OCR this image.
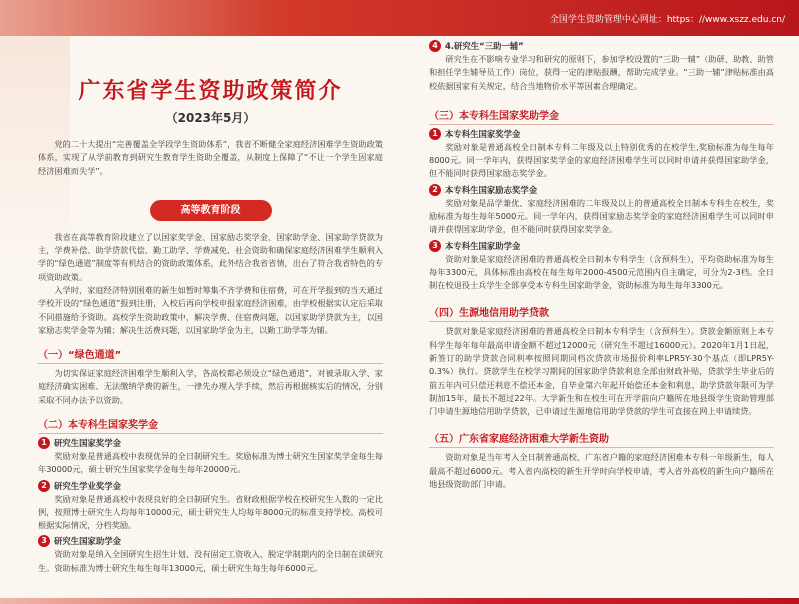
全国学生资助管理中心网址：https：//www.xszz.edu.cn/
广东省学生资助政策简介
（2023年5月）

党的二十大提出“完善覆盖全学段学生资助体系”，我省不断健全家庭经济困难学生资助政策体系，实现了从学前教育到研究生教育学生资助全覆盖，从制度上保障了“不让一个学生因家庭经济困难而失学”。

高等教育阶段

我省在高等教育阶段建立了以国家奖学金、国家励志奖学金、国家助学金、国家助学贷款为主，学费补偿、助学贷款代偿、勤工助学、学费减免、社会资助和确保家庭经济困难学生顺利入学的“绿色通道”制度等有机结合的资助政策体系，此外结合我省省情，出台了符合我省特色的专项资助政策。

入学时，家庭经济特别困难的新生如暂时筹集不齐学费和住宿费，可在开学报到的当天通过学校开设的“绿色通道”报到注册，入校后再向学校申报家庭经济困难，由学校根据实认定后采取不同措施给予资助。高校学生资助政策中，解决学费、住宿费问题，以国家助学贷款为主，以国家励志奖学金等为辅；解决生活费问题，以国家助学金为主，以勤工助学等为辅。

（一）“绿色通道”

为切实保证家庭经济困难学生顺利入学，各高校都必须设立“绿色通道”，对被录取入学、家庭经济确实困难、无法缴纳学费的新生，一律先办理入学手续，然后再根据核实后的情况，分别采取不同办法予以资助。

（二）本专科生国家奖学金
1 研究生国家奖学金

奖励对象是普通高校中表现优异的全日制研究生。奖励标准为博士研究生国家奖学金每生每年30000元，硕士研究生国家奖学金每生每年20000元。

2 研究生学业奖学金

奖励对象是普通高校中表现良好的全日制研究生。省财政根据学校在校研究生人数的一定比例，按照博士研究生人均每年10000元，硕士研究生人均每年8000元的标准支持学校。高校可根据实际情况，分档奖励。

3 研究生国家助学金

资助对象是纳入全国研究生招生计划、没有固定工资收入、脱定学制期内的全日制在读研究生。资助标准为博士研究生每生每年13000元，硕士研究生每生每年6000元。

4 4.研究生“三助一辅”

研究生在不影响专业学习和研究的原则下，参加学校设置的“三助一辅”（助研、助教、助管和担任学生辅导员工作）岗位，获得一定的津贴报酬，帮助完成学业。“三助一辅”津贴标准由高校依据国家有关规定，结合当地物价水平等因素合理确定。

（三）本专科生国家奖助学金
1 本专科生国家奖学金

奖励对象是普通高校全日制本专科二年级及以上特别优秀的在校学生,奖励标准为每生每年8000元。同一学年内，获得国家奖学金的家庭经济困难学生可以同时申请并获得国家助学金，但不能同时获得国家励志奖学金。

2 本专科生国家励志奖学金

奖励对象是品学兼优、家庭经济困难的二年级及以上的普通高校全日制本专科生在校生，奖励标准为每生每年5000元。同一学年内，获得国家励志奖学金的家庭经济困难学生可以同时申请并获得国家助学金，但不能同时获得国家奖学金。

3 本专科生国家助学金

资助对象是家庭经济困难的普通高校全日制本专科学生（含预科生），平均资助标准为每生每年3300元，具体标准由高校在每生每年2000-4500元范围内自主确定，可分为2-3档。全日制在校退役士兵学生全部享受本专科生国家助学金，资助标准为每生每年3300元。

（四）生源地信用助学贷款

贷款对象是家庭经济困难的普通高校全日制本专科学生（含预科生）。贷款金额原则上本专科学生每年每年最高申请金额不超过12000元（研究生不超过16000元）。2020年1月1日起，新签订的助学贷款合同利率按照同期同档次贷款市场报价利率LPR5Y-30个基点（即LPR5Y-0.3%）执行。贷款学生在校学习期间的国家助学贷款利息全部由财政补贴，贷款学生毕业后的前五年内可只偿还利息不偿还本金，自毕业第六年起开始偿还本金和利息，助学贷款年限可为学制加15年，最长不超过22年。大学新生和在校生可在开学前向户籍所在地县级学生资助管理部门申请生源地信用助学贷款，已申请过生源地信用助学贷款的学生可直接在网上申请续贷。

（五）广东省家庭经济困难大学新生资助

资助对象是当年考入全日制普通高校、广东省户籍的家庭经济困难本专科一年级新生，每人最高不超过6000元。考入省内高校的新生开学时向学校申请，考入省外高校的新生向户籍所在地县级资助部门申请。
